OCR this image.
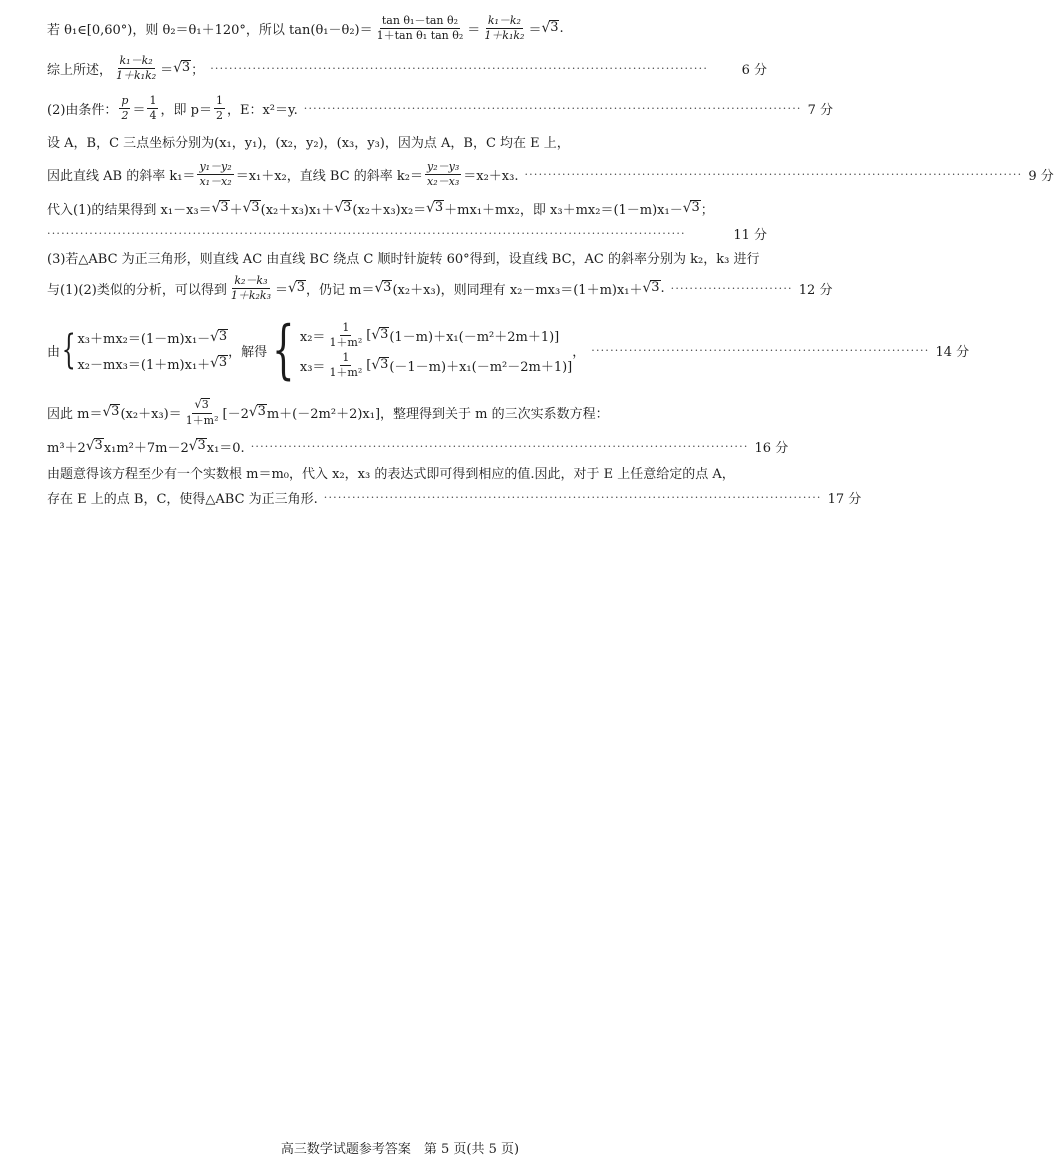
若 θ₁∈[0,60°)，则 θ₂＝θ₁＋120°，所以 $\tan(\theta_1-\theta_2)= \frac{\text{tan θ₁－tan θ₂}}{\text{1＋tan θ₁ tan θ₂}} = \frac{\text{k₁－k₂}}{\text{1＋k₁k₂}}$ ＝ √ 3 .
综上所述， $\frac{\text{k₁－k₂}}{\text{1＋k₁k₂}}$ ＝ √ 3 ； ··········································································································	6 分
(2)由条件： $\frac{p}{2} = \frac{1}{4}$ ，即 $p= \frac{1}{2}$ ，E：x²＝y. ·········································································································· 7 分
设 A，B，C 三点坐标分别为(x₁，y₁)，(x₂，y₂)，(x₃，y₃)，因为点 A，B，C 均在 E 上，
因此直线 AB 的斜率 $k_1= \frac{\text{y₁－y₂}}{\text{x₁－x₂}} =x_1+x_2$，直线 BC 的斜率 $k_2= \frac{\text{y₂－y₃}}{\text{x₂－x₃}} =x_2+x_3$. ·········································································································· 9 分
代入(1)的结果得到 x₁－x₃＝ √ 3 ＋ √ 3 (x₂＋x₃)x₁＋ √ 3 (x₂＋x₃)x₂＝ √ 3 ＋mx₁＋mx₂，即 x₃＋mx₂＝(1－m)x₁－ √ 3 ；
········································································································································	11 分
(3)若△ABC 为正三角形，则直线 AC 由直线 BC 绕点 C 顺时针旋转 60°得到，设直线 BC，AC 的斜率分别为 k₂，k₃ 进行
与(1)(2)类似的分析，可以得到 $\frac{\text{k₂－k₃}}{\text{1＋k₂k₃}}$ ＝ √ 3 ，仍记 m＝ √ 3 (x₂＋x₃)，则同理有 x₂－mx₃＝(1＋m)x₁＋ √ 3 . ·························· 12 分
由 { x₃＋mx₂＝(1－m)x₁－ √ 3
x₂－mx₃＝(1＋m)x₁＋ √ 3
，解得 { $x_2= \frac{1}{\text{1＋m²}}$ [ √ 3 (1－m)＋x₁(－m²＋2m＋1)]
$x_3= \frac{1}{\text{1＋m²}}$ [ √ 3 (－1－m)＋x₁(－m²－2m＋1)]
， ········································································ 14 分
因此 m＝ √ 3 $(x_2+x_3)= \frac{√ 3}{\text{1＋m²}} [-2$ √ 3 m＋(－2m²＋2)x₁]，整理得到关于 m 的三次实系数方程：
m³＋2 √ 3 x₁m²＋7m－2 √ 3 x₁＝0. ·········································································································· 16 分
由题意得该方程至少有一个实数根 m＝m₀，代入 x₂，x₃ 的表达式即可得到相应的值.因此，对于 E 上任意给定的点 A，
存在 E 上的点 B，C，使得△ABC 为正三角形. ·········································································································· 17 分
高三数学试题参考答案　第 5 页(共 5 页)
